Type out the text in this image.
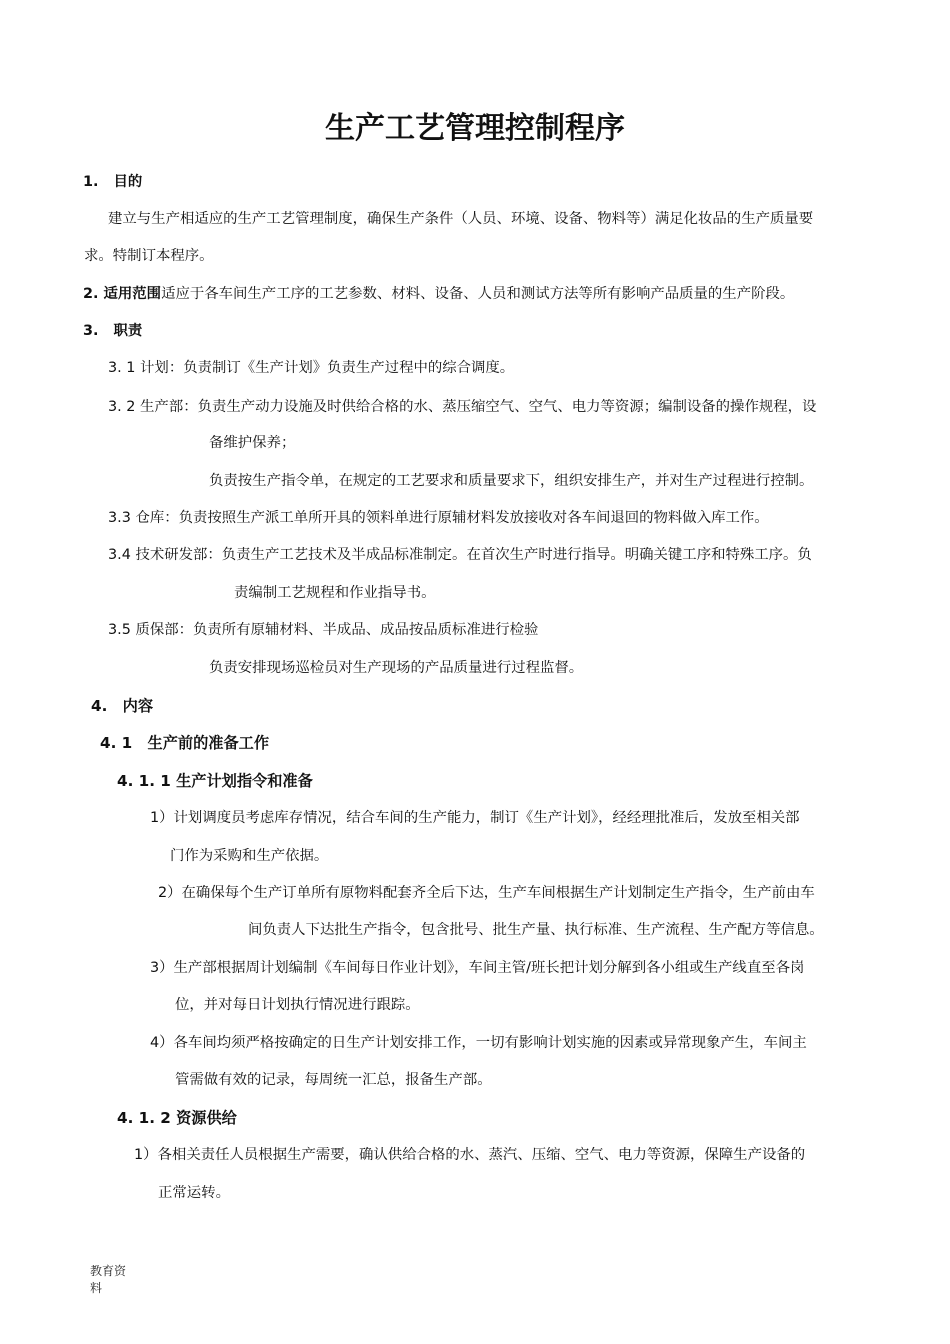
生产工艺管理控制程序
1. 目的
建立与生产相适应的生产工艺管理制度，确保生产条件（人员、环境、设备、物料等）满足化妆品的生产质量要
求。特制订本程序。
2. 适用范围适应于各车间生产工序的工艺参数、材料、设备、人员和测试方法等所有影响产品质量的生产阶段。
3. 职责
3. 1 计划：负责制订《生产计划》负责生产过程中的综合调度。
3. 2 生产部：负责生产动力设施及时供给合格的水、蒸压缩空气、空气、电力等资源；编制设备的操作规程，设
备维护保养；
负责按生产指令单，在规定的工艺要求和质量要求下，组织安排生产，并对生产过程进行控制。
3.3 仓库：负责按照生产派工单所开具的领料单进行原辅材料发放接收对各车间退回的物料做入库工作。
3.4 技术研发部：负责生产工艺技术及半成品标准制定。在首次生产时进行指导。明确关键工序和特殊工序。负
责编制工艺规程和作业指导书。
3.5 质保部：负责所有原辅材料、半成品、成品按品质标准进行检验
负责安排现场巡检员对生产现场的产品质量进行过程监督。
4. 内容
4. 1 生产前的准备工作
4. 1. 1 生产计划指令和准备
1）计划调度员考虑库存情况，结合车间的生产能力，制订《生产计划》，经经理批准后，发放至相关部
门作为采购和生产依据。
2）在确保每个生产订单所有原物料配套齐全后下达，生产车间根据生产计划制定生产指令，生产前由车
间负责人下达批生产指令，包含批号、批生产量、执行标准、生产流程、生产配方等信息。
3）生产部根据周计划编制《车间每日作业计划》，车间主管/班长把计划分解到各小组或生产线直至各岗
位，并对每日计划执行情况进行跟踪。
4）各车间均须严格按确定的日生产计划安排工作，一切有影响计划实施的因素或异常现象产生，车间主
管需做有效的记录，每周统一汇总，报备生产部。
4. 1. 2 资源供给
1）各相关责任人员根据生产需要，确认供给合格的水、蒸汽、压缩、空气、电力等资源，保障生产设备的
正常运转。
教育资
料
